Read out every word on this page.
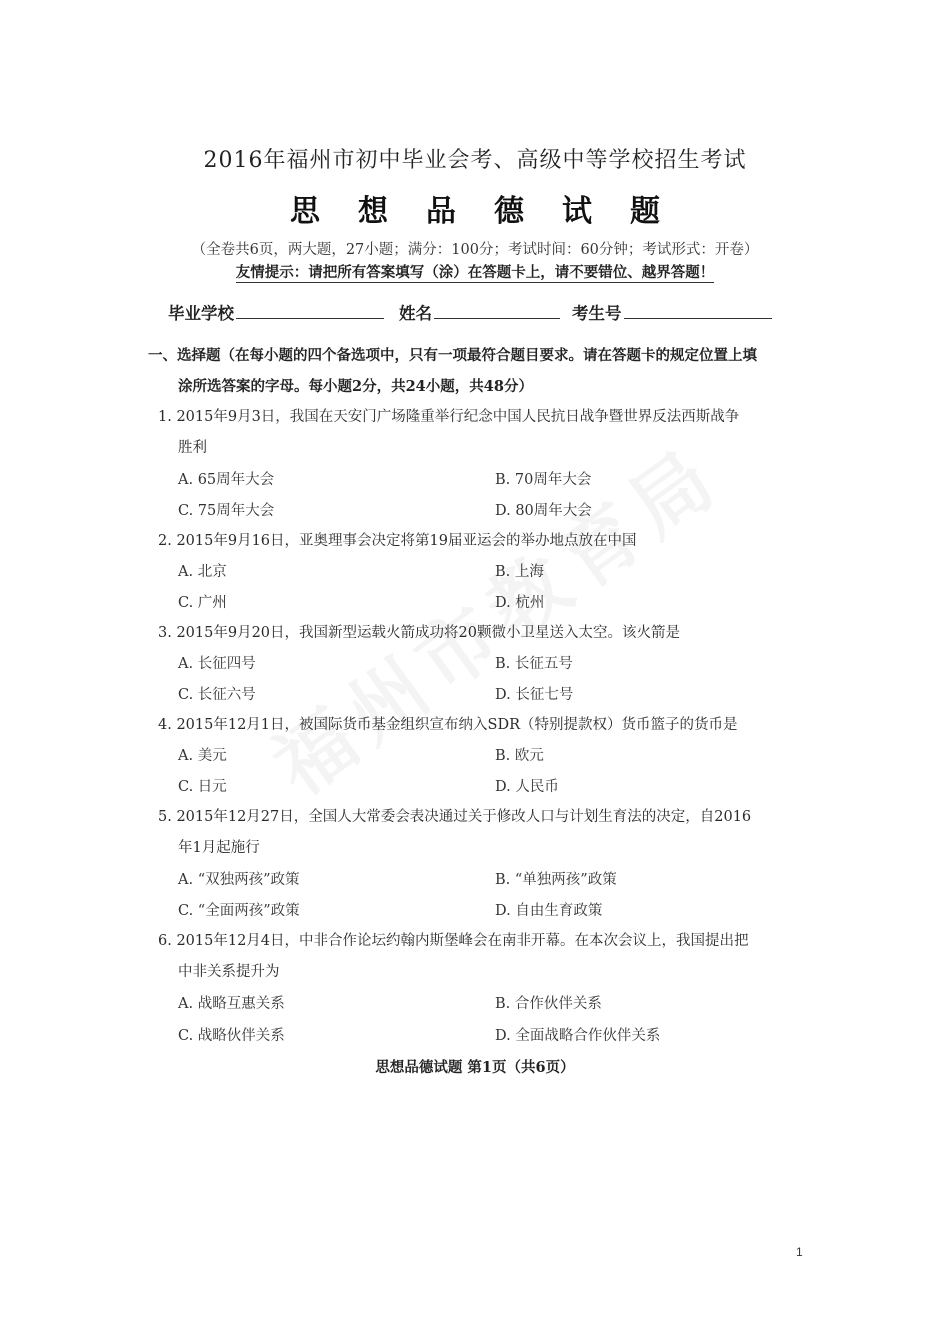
2016年福州市初中毕业会考、高级中等学校招生考试
思想品德试题
（全卷共6页，两大题，27小题；满分：100分；考试时间：60分钟；考试形式：开卷）
友情提示：请把所有答案填写（涂）在答题卡上，请不要错位、越界答题！
毕业学校	姓名	考生号
一、选择题（在每小题的四个备选项中，只有一项最符合题目要求。请在答题卡的规定位置上填
涂所选答案的字母。每小题2分，共24小题，共48分）
1. 2015年9月3日，我国在天安门广场隆重举行纪念中国人民抗日战争暨世界反法西斯战争
胜利
A. 65周年大会	B. 70周年大会
C. 75周年大会	D. 80周年大会
2. 2015年9月16日，亚奥理事会决定将第19届亚运会的举办地点放在中国
A. 北京	B. 上海
C. 广州	D. 杭州
3. 2015年9月20日，我国新型运载火箭成功将20颗微小卫星送入太空。该火箭是
A. 长征四号	B. 长征五号
C. 长征六号	D. 长征七号
4. 2015年12月1日，被国际货币基金组织宣布纳入SDR（特别提款权）货币篮子的货币是
A. 美元	B. 欧元
C. 日元	D. 人民币
5. 2015年12月27日，全国人大常委会表决通过关于修改人口与计划生育法的决定，自2016
年1月起施行
A. “双独两孩”政策	B. “单独两孩”政策
C. “全面两孩”政策	D. 自由生育政策
6. 2015年12月4日，中非合作论坛约翰内斯堡峰会在南非开幕。在本次会议上，我国提出把
中非关系提升为
A. 战略互惠关系	B. 合作伙伴关系
C. 战略伙伴关系	D. 全面战略合作伙伴关系
思想品德试题 第1页（共6页）
1
